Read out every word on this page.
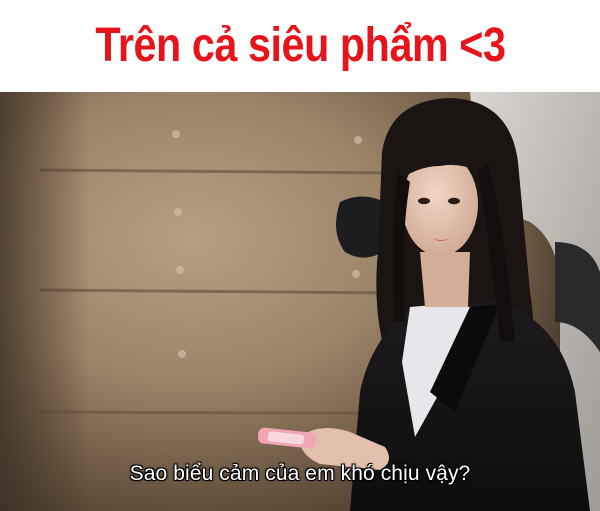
Trên cả siêu phẩm <3
Sao biểu cảm của em khó chịu vậy?
